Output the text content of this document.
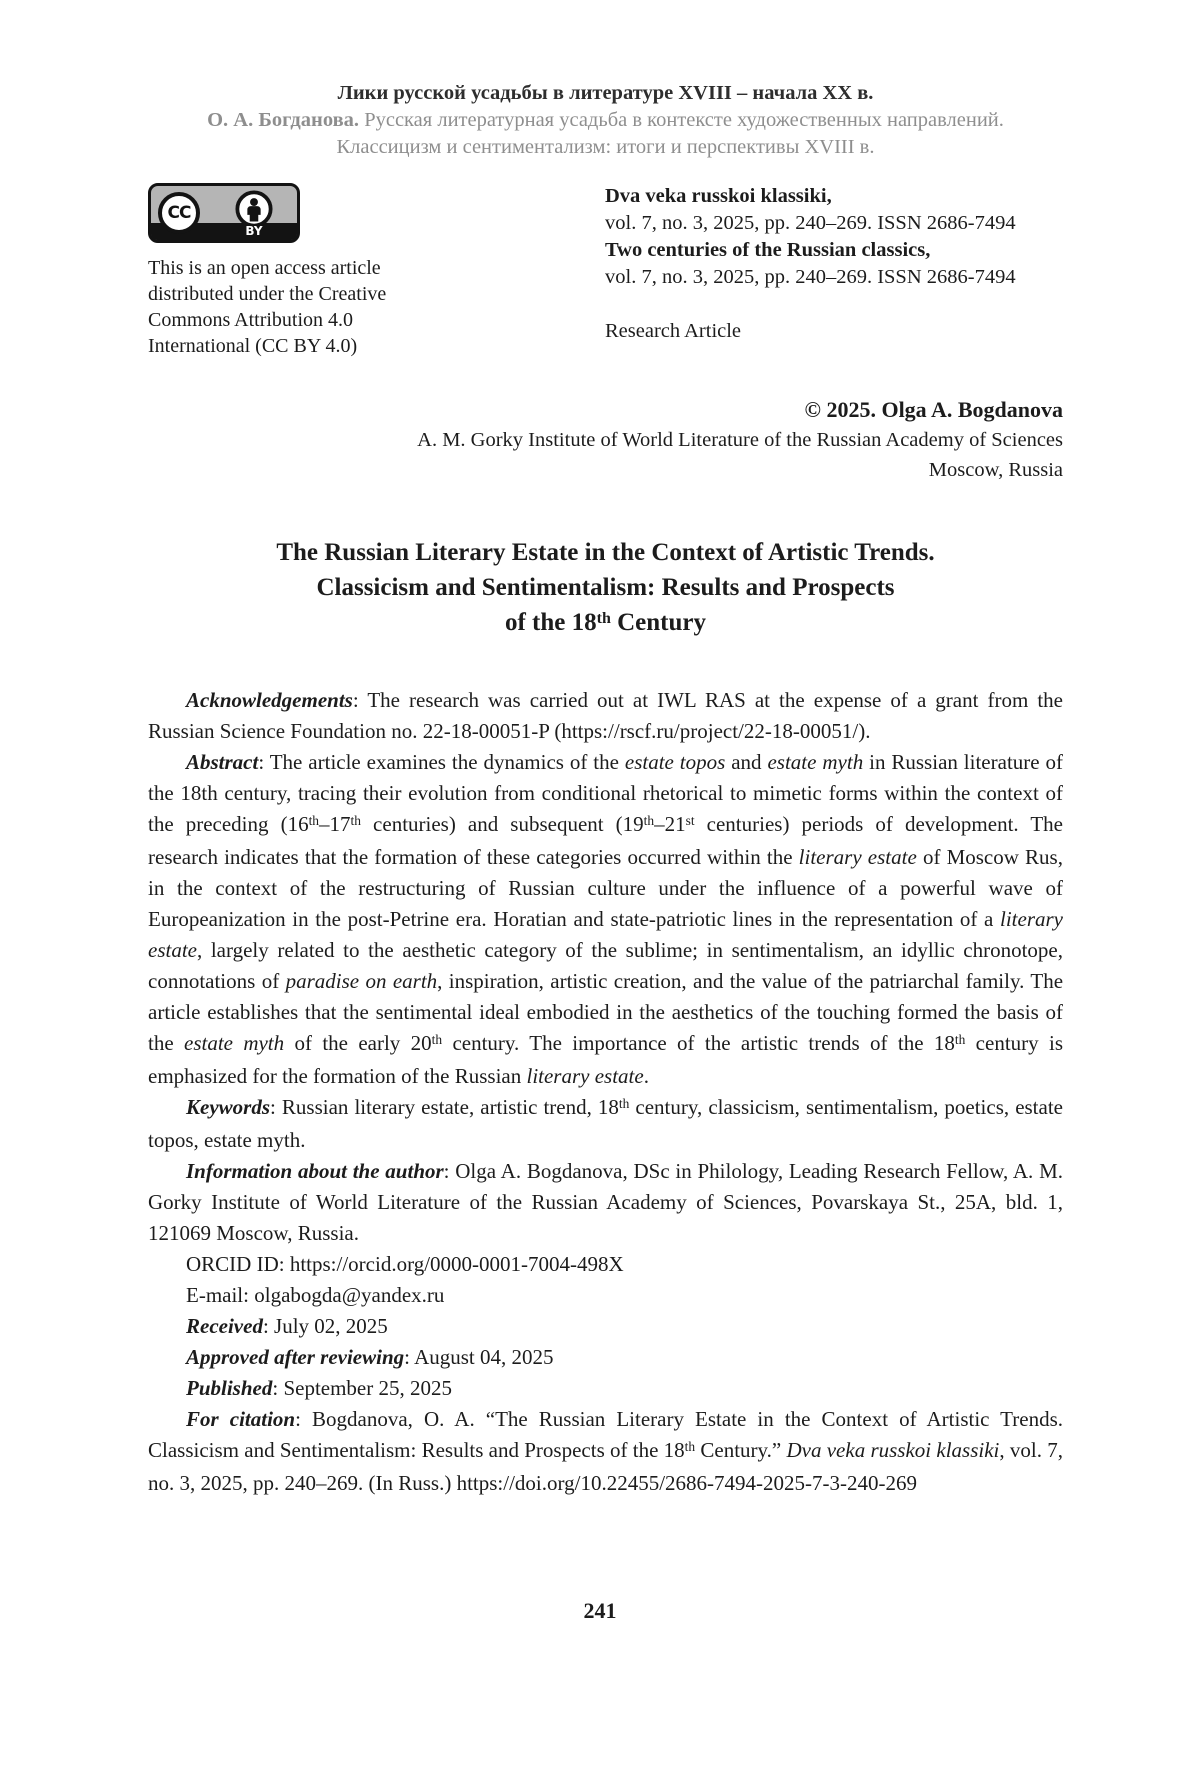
Лики русской усадьбы в литературе XVIII – начала XX в.
О. А. Богданова. Русская литературная усадьба в контексте художественных направлений.
Классицизм и сентиментализм: итоги и перспективы XVIII в.
CC
BY
This is an open access article distributed under the Creative Commons Attribution 4.0 International (CC BY 4.0)
Dva veka russkoi klassiki,
vol. 7, no. 3, 2025, pp. 240–269. ISSN 2686-7494
Two centuries of the Russian classics,
vol. 7, no. 3, 2025, pp. 240–269. ISSN 2686-7494
Research Article
© 2025. Olga A. Bogdanova
A. M. Gorky Institute of World Literature of the Russian Academy of Sciences
Moscow, Russia
The Russian Literary Estate in the Context of Artistic Trends.
Classicism and Sentimentalism: Results and Prospects
of the 18th Century

Acknowledgements: The research was carried out at IWL RAS at the expense of a grant from the Russian Science Foundation no. 22-18-00051-P (https://rscf.ru/project/22-18-00051/).

Abstract: The article examines the dynamics of the estate topos and estate myth in Russian literature of the 18th century, tracing their evolution from conditional rhetorical to mimetic forms within the context of the preceding (16th–17th centuries) and subsequent (19th–21st centuries) periods of development. The research indicates that the formation of these categories occurred within the literary estate of Moscow Rus, in the context of the restructuring of Russian culture under the influence of a powerful wave of Europeanization in the post-Petrine era. Horatian and state-patriotic lines in the representation of a literary estate, largely related to the aesthetic category of the sublime; in sentimentalism, an idyllic chronotope, connotations of paradise on earth, inspiration, artistic creation, and the value of the patriarchal family. The article establishes that the sentimental ideal embodied in the aesthetics of the touching formed the basis of the estate myth of the early 20th century. The importance of the artistic trends of the 18th century is emphasized for the formation of the Russian literary estate.

Keywords: Russian literary estate, artistic trend, 18th century, classicism, sentimentalism, poetics, estate topos, estate myth.

Information about the author: Olga A. Bogdanova, DSc in Philology, Leading Research Fellow, A. M. Gorky Institute of World Literature of the Russian Academy of Sciences, Povarskaya St., 25A, bld. 1, 121069 Moscow, Russia.

ORCID ID: https://orcid.org/0000-0001-7004-498X

E-mail: olgabogda@yandex.ru

Received: July 02, 2025

Approved after reviewing: August 04, 2025

Published: September 25, 2025

For citation: Bogdanova, O. A. “The Russian Literary Estate in the Context of Artistic Trends. Classicism and Sentimentalism: Results and Prospects of the 18th Century.” Dva veka russkoi klassiki, vol. 7, no. 3, 2025, pp. 240–269. (In Russ.) https://doi.org/10.22455/2686-7494-2025-7-3-240-269

241
